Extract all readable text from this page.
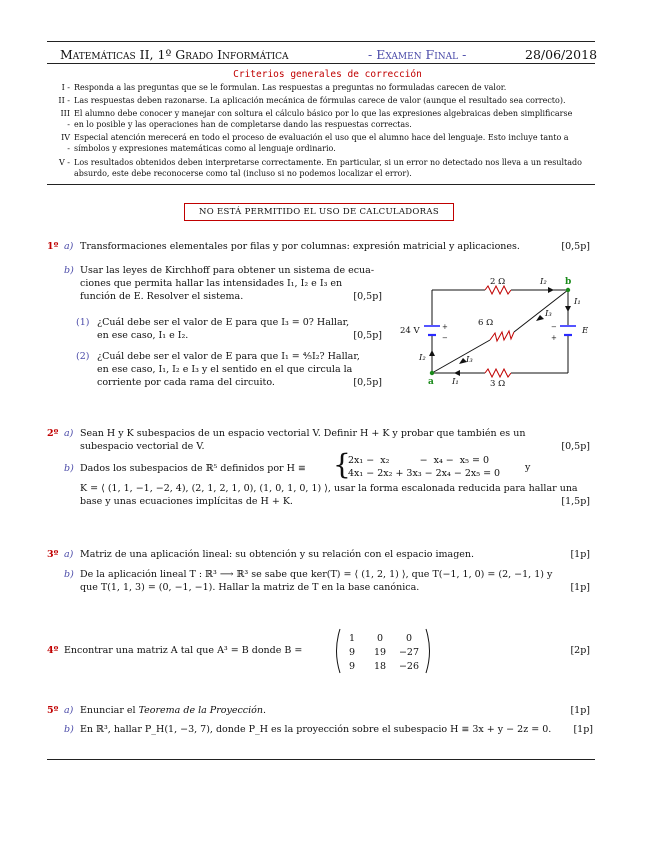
Matemáticas II, 1º Grado Informática	- Examen Final -	28/06/2018
Criterios generales de corrección
I - Responda a las preguntas que se le formulan. Las respuestas a preguntas no formuladas carecen de valor.
II - Las respuestas deben razonarse. La aplicación mecánica de fórmulas carece de valor (aunque el resultado sea correcto).
III -
El alumno debe conocer y manejar con soltura el cálculo básico por lo que las expresiones algebraicas deben simplificarse
en lo posible y las operaciones han de completarse dando las respuestas correctas.
IV -
Especial atención merecerá en todo el proceso de evaluación el uso que el alumno hace del lenguaje. Esto incluye tanto a
símbolos y expresiones matemáticas como al lenguaje ordinario.
V - Los resultados obtenidos deben interpretarse correctamente. En particular, si un error no detectado nos lleva a un resultado
absurdo, este debe reconocerse como tal (incluso si no podemos localizar el error).
NO ESTÁ PERMITIDO EL USO DE CALCULADORAS
1º a) Transformaciones elementales por filas y por columnas: expresión matricial y aplicaciones.	[0,5p]
b) Usar las leyes de Kirchhoff para obtener un sistema de ecua-
ciones que permita hallar las intensidades I₁, I₂ e I₃ en
función de E. Resolver el sistema.	[0,5p]
(1) ¿Cuál debe ser el valor de E para que I₃ = 0? Hallar,
en ese caso, I₁ e I₂.	[0,5p]
(2) ¿Cuál debe ser el valor de E para que I₁ = ⁴⁄₅I₂? Hallar,
en ese caso, I₁, I₂ e I₃ y el sentido en el que circula la
corriente por cada rama del circuito.	[0,5p]
2 Ω
6 Ω
3 Ω
24 V	E
I₂
I₁
I₃
I₃
I₂
I₁
+
−
−
+
a
b
2º a) Sean H y K subespacios de un espacio vectorial V. Definir H + K y probar que también es un
subespacio vectorial de V.	[0,5p]
b) Dados los subespacios de ℝ⁵ definidos por H ≡ {
2x₁ −  x₂          −  x₄ −  x₅ = 0
4x₁ − 2x₂ + 3x₃ − 2x₄ − 2x₅ = 0
y
K = ⟨ (1, 1, −1, −2, 4), (2, 1, 2, 1, 0), (1, 0, 1, 0, 1) ⟩, usar la forma escalonada reducida para hallar una
base y unas ecuaciones implícitas de H + K.	[1,5p]
3º a) Matriz de una aplicación lineal: su obtención y su relación con el espacio imagen.	[1p]
b) De la aplicación lineal T : ℝ³ ⟶ ℝ³ se sabe que ker(T) = ⟨ (1, 2, 1) ⟩, que T(−1, 1, 0) = (2, −1, 1) y
que T(1, 1, 3) = (0, −1, −1). Hallar la matriz de T en la base canónica.	[1p]
4º Encontrar una matriz A tal que A³ = B donde B =
1 0 0
9 19 −27
9 18 −26
[2p]
5º a) Enunciar el Teorema de la Proyección.	[1p]
b) En ℝ³, hallar P_H(1, −3, 7), donde P_H es la proyección sobre el subespacio H ≡ 3x + y − 2z = 0.	[1p]
